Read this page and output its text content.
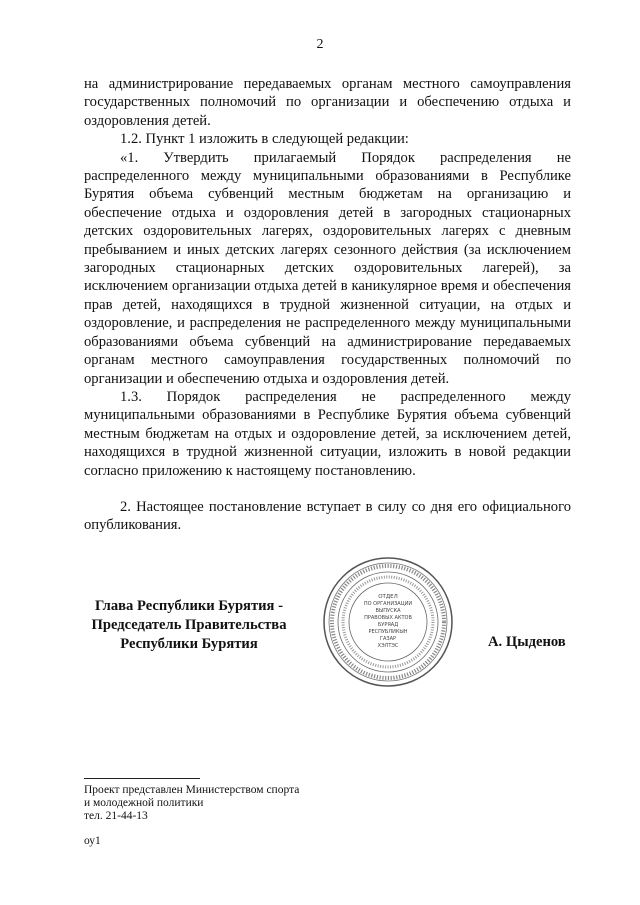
2

на администрирование передаваемых органам местного самоуправления государственных полномочий по организации и обеспечению отдыха и оздоровления детей.

1.2. Пункт 1 изложить в следующей редакции:

«1. Утвердить прилагаемый Порядок распределения не распределенного между муниципальными образованиями в Республике Бурятия объема субвенций местным бюджетам на организацию и обеспечение отдыха и оздоровления детей в загородных стационарных детских оздоровительных лагерях, оздоровительных лагерях с дневным пребыванием и иных детских лагерях сезонного действия (за исключением загородных стационарных детских оздоровительных лагерей), за исключением организации отдыха детей в каникулярное время и обеспечения прав детей, находящихся в трудной жизненной ситуации, на отдых и оздоровление, и распределения не распределенного между муниципальными образованиями объема субвенций на администрирование передаваемых органам местного самоуправления государственных полномочий по организации и обеспечению отдыха и оздоровления детей.

1.3. Порядок распределения не распределенного между муниципальными образованиями в Республике Бурятия объема субвенций местным бюджетам на отдых и оздоровление детей, за исключением детей, находящихся в трудной жизненной ситуации, изложить в новой редакции согласно приложению к настоящему постановлению.

2. Настоящее постановление вступает в силу со дня его официального опубликования.

Глава Республики Бурятия -
Председатель Правительства
Республики Бурятия
ОТДЕЛ
ПО ОРГАНИЗАЦИИ
ВЫПУСКА
ПРАВОВЫХ АКТОВ
БУРЯАД
РЕСПУБЛИКЫН
ГАЗАР
ХЭЛТЭС	А. Цыденов
Проект представлен Министерством спорта
и молодежной политики
тел. 21-44-13
оу1
